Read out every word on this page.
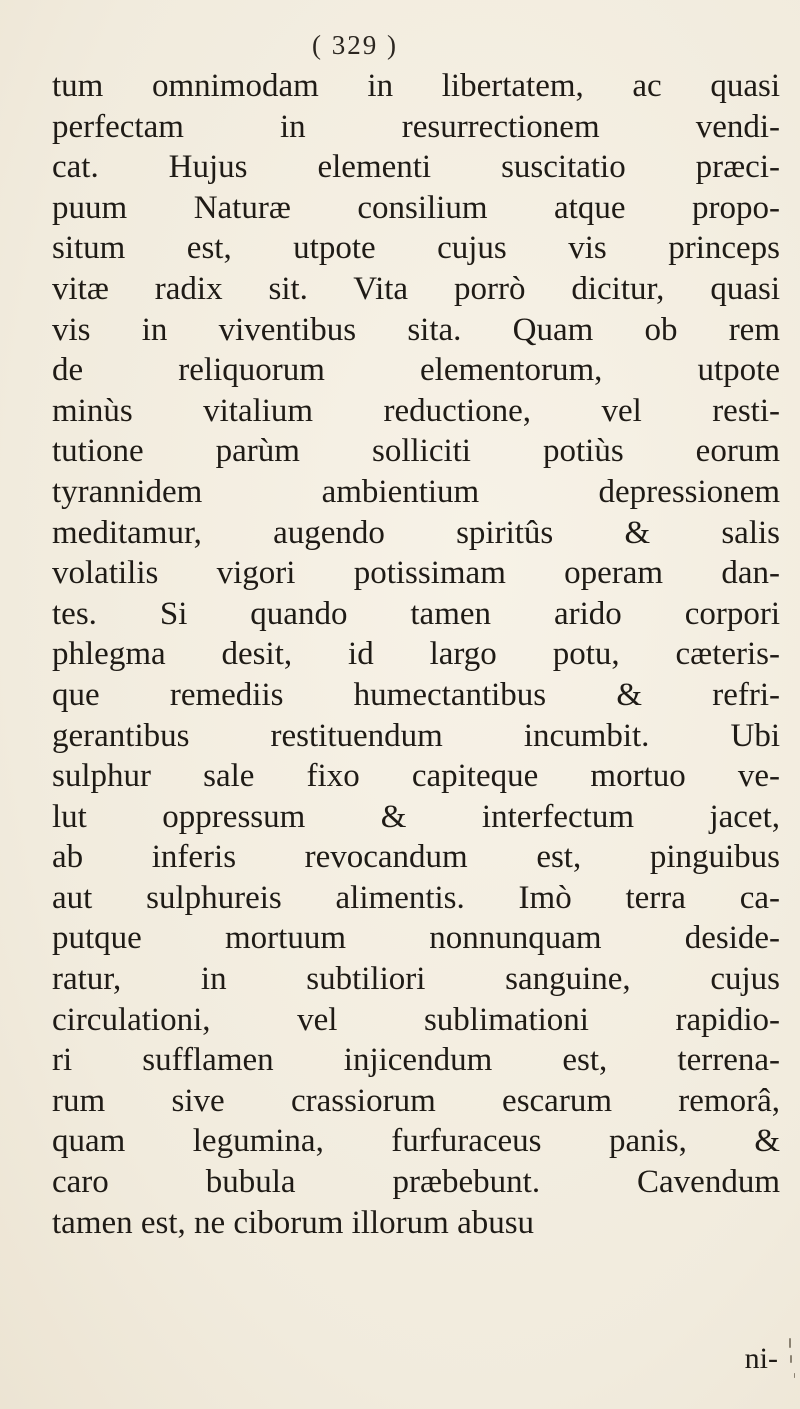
( 329 )
tum omnimodam in libertatem, ac quasi
perfectam in resurrectionem vendi-
cat. Hujus elementi suscitatio præci-
puum Naturæ consilium atque propo-
situm est, utpote cujus vis princeps
vitæ radix sit. Vita porrò dicitur, quasi
vis in viventibus sita. Quam ob rem
de reliquorum elementorum, utpote
minùs vitalium reductione, vel resti-
tutione parùm solliciti potiùs eorum
tyrannidem ambientium depressionem
meditamur, augendo spiritûs & salis
volatilis vigori potissimam operam dan-
tes. Si quando tamen arido corpori
phlegma desit, id largo potu, cæteris-
que remediis humectantibus & refri-
gerantibus restituendum incumbit. Ubi
sulphur sale fixo capiteque mortuo ve-
lut oppressum & interfectum jacet,
ab inferis revocandum est, pinguibus
aut sulphureis alimentis. Imò terra ca-
putque mortuum nonnunquam deside-
ratur, in subtiliori sanguine, cujus
circulationi, vel sublimationi rapidio-
ri sufflamen injicendum est, terrena-
rum sive crassiorum escarum remorâ,
quam legumina, furfuraceus panis, &
caro bubula præbebunt. Cavendum
tamen est, ne ciborum illorum abusu
ni-
